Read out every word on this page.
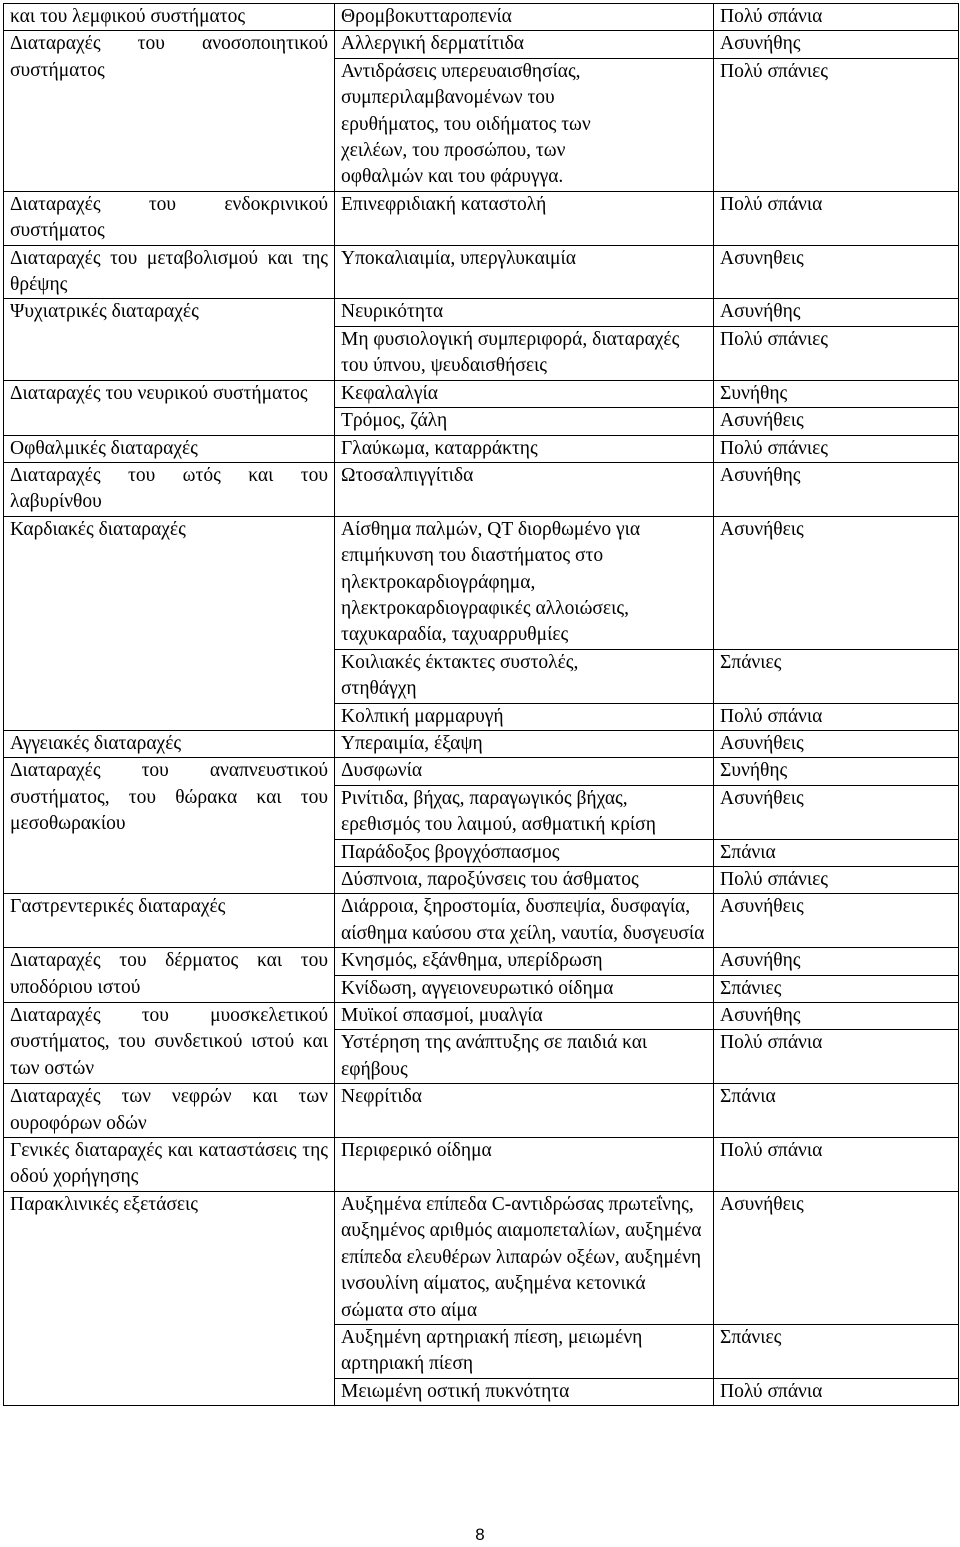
και του λεμφικού συστήματος	Θρομβοκυτταροπενία	Πολύ σπάνια
Διαταραχές του ανοσοποιητικού συστήματος	Αλλεργική δερματίτιδα	Ασυνήθης
	Αντιδράσεις υπερευαισθησίας, συμπεριλαμβανομένων του ερυθήματος, του οιδήματος των χειλέων, του προσώπου, των οφθαλμών και του φάρυγγα.	Πολύ σπάνιες
Διαταραχές του ενδοκρινικού συστήματος	Επινεφριδιακή καταστολή	Πολύ σπάνια
Διαταραχές του μεταβολισμού και της θρέψης	Υποκαλιαιμία, υπεργλυκαιμία	Ασυνηθεις
Ψυχιατρικές διαταραχές	Νευρικότητα	Ασυνήθης
	Μη φυσιολογική συμπεριφορά, διαταραχές του ύπνου, ψευδαισθήσεις	Πολύ σπάνιες
Διαταραχές του νευρικού συστήματος	Κεφαλαλγία	Συνήθης
	Τρόμος, ζάλη	Ασυνήθεις
Οφθαλμικές διαταραχές	Γλαύκωμα, καταρράκτης	Πολύ σπάνιες
Διαταραχές του ωτός και του λαβυρίνθου	Ωτοσαλπιγγίτιδα	Ασυνήθης
Καρδιακές διαταραχές	Αίσθημα παλμών, QT διορθωμένο για επιμήκυνση του διαστήματος στο ηλεκτροκαρδιογράφημα, ηλεκτροκαρδιογραφικές αλλοιώσεις, ταχυκαραδία, ταχυαρρυθμίες	Ασυνήθεις
	Κοιλιακές έκτακτες συστολές, στηθάγχη	Σπάνιες
	Κολπική μαρμαρυγή	Πολύ σπάνια
Αγγειακές διαταραχές	Υπεραιμία, έξαψη	Ασυνήθεις
Διαταραχές του αναπνευστικού συστήματος, του θώρακα και του μεσοθωρακίου	Δυσφωνία	Συνήθης
	Ρινίτιδα, βήχας, παραγωγικός βήχας, ερεθισμός του λαιμού, ασθματική κρίση	Ασυνήθεις
	Παράδοξος βρογχόσπασμος	Σπάνια
	Δύσπνοια, παροξύνσεις του άσθματος	Πολύ σπάνιες
Γαστρεντερικές διαταραχές	Διάρροια, ξηροστομία, δυσπεψία, δυσφαγία, αίσθημα καύσου στα χείλη, ναυτία, δυσγευσία	Ασυνήθεις
Διαταραχές του δέρματος και του υποδόριου ιστού	Κνησμός, εξάνθημα, υπερίδρωση	Ασυνήθης
	Κνίδωση, αγγειονευρωτικό οίδημα	Σπάνιες
Διαταραχές του μυοσκελετικού συστήματος, του συνδετικού ιστού και των οστών	Μυϊκοί σπασμοί, μυαλγία	Ασυνήθης
	Υστέρηση της ανάπτυξης σε παιδιά και εφήβους	Πολύ σπάνια
Διαταραχές των νεφρών και των ουροφόρων οδών	Νεφρίτιδα	Σπάνια
Γενικές διαταραχές και καταστάσεις της οδού χορήγησης	Περιφερικό οίδημα	Πολύ σπάνια
Παρακλινικές εξετάσεις	Αυξημένα επίπεδα C-αντιδρώσας πρωτεΐνης, αυξημένος αριθμός αιαμοπεταλίων, αυξημένα επίπεδα ελευθέρων λιπαρών οξέων, αυξημένη ινσουλίνη αίματος, αυξημένα κετονικά σώματα στο αίμα	Ασυνήθεις
	Αυξημένη αρτηριακή πίεση, μειωμένη αρτηριακή πίεση	Σπάνιες
	Μειωμένη οστική πυκνότητα	Πολύ σπάνια
8
